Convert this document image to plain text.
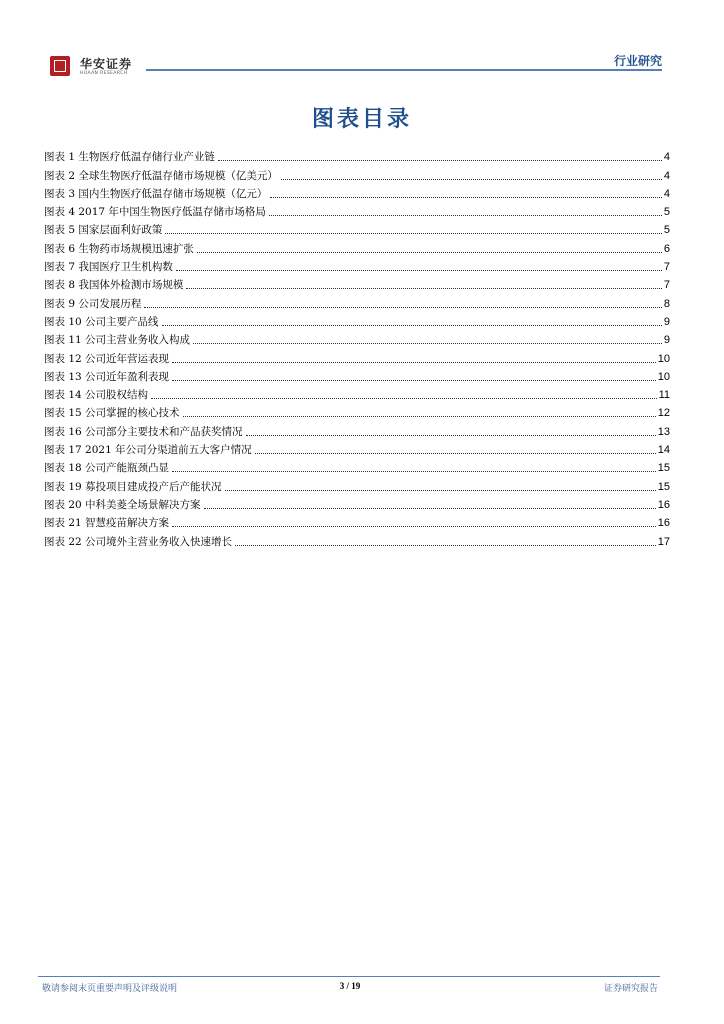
华安证券
HUAAN RESEARCH
行业研究
图表目录
图表 1 生物医疗低温存储行业产业链	4
图表 2 全球生物医疗低温存储市场规模（亿美元）	4
图表 3 国内生物医疗低温存储市场规模（亿元）	4
图表 4 2017 年中国生物医疗低温存储市场格局	5
图表 5 国家层面利好政策	5
图表 6 生物药市场规模迅速扩张	6
图表 7 我国医疗卫生机构数	7
图表 8 我国体外检测市场规模	7
图表 9 公司发展历程	8
图表 10 公司主要产品线	9
图表 11 公司主营业务收入构成	9
图表 12 公司近年营运表现	10
图表 13 公司近年盈利表现	10
图表 14 公司股权结构	11
图表 15 公司掌握的核心技术	12
图表 16 公司部分主要技术和产品获奖情况	13
图表 17 2021 年公司分渠道前五大客户情况	14
图表 18 公司产能瓶颈凸显	15
图表 19 募投项目建成投产后产能状况	15
图表 20 中科美菱全场景解决方案	16
图表 21 智慧疫苗解决方案	16
图表 22 公司境外主营业务收入快速增长	17
敬请参阅末页重要声明及评级说明	3 / 19	证券研究报告
